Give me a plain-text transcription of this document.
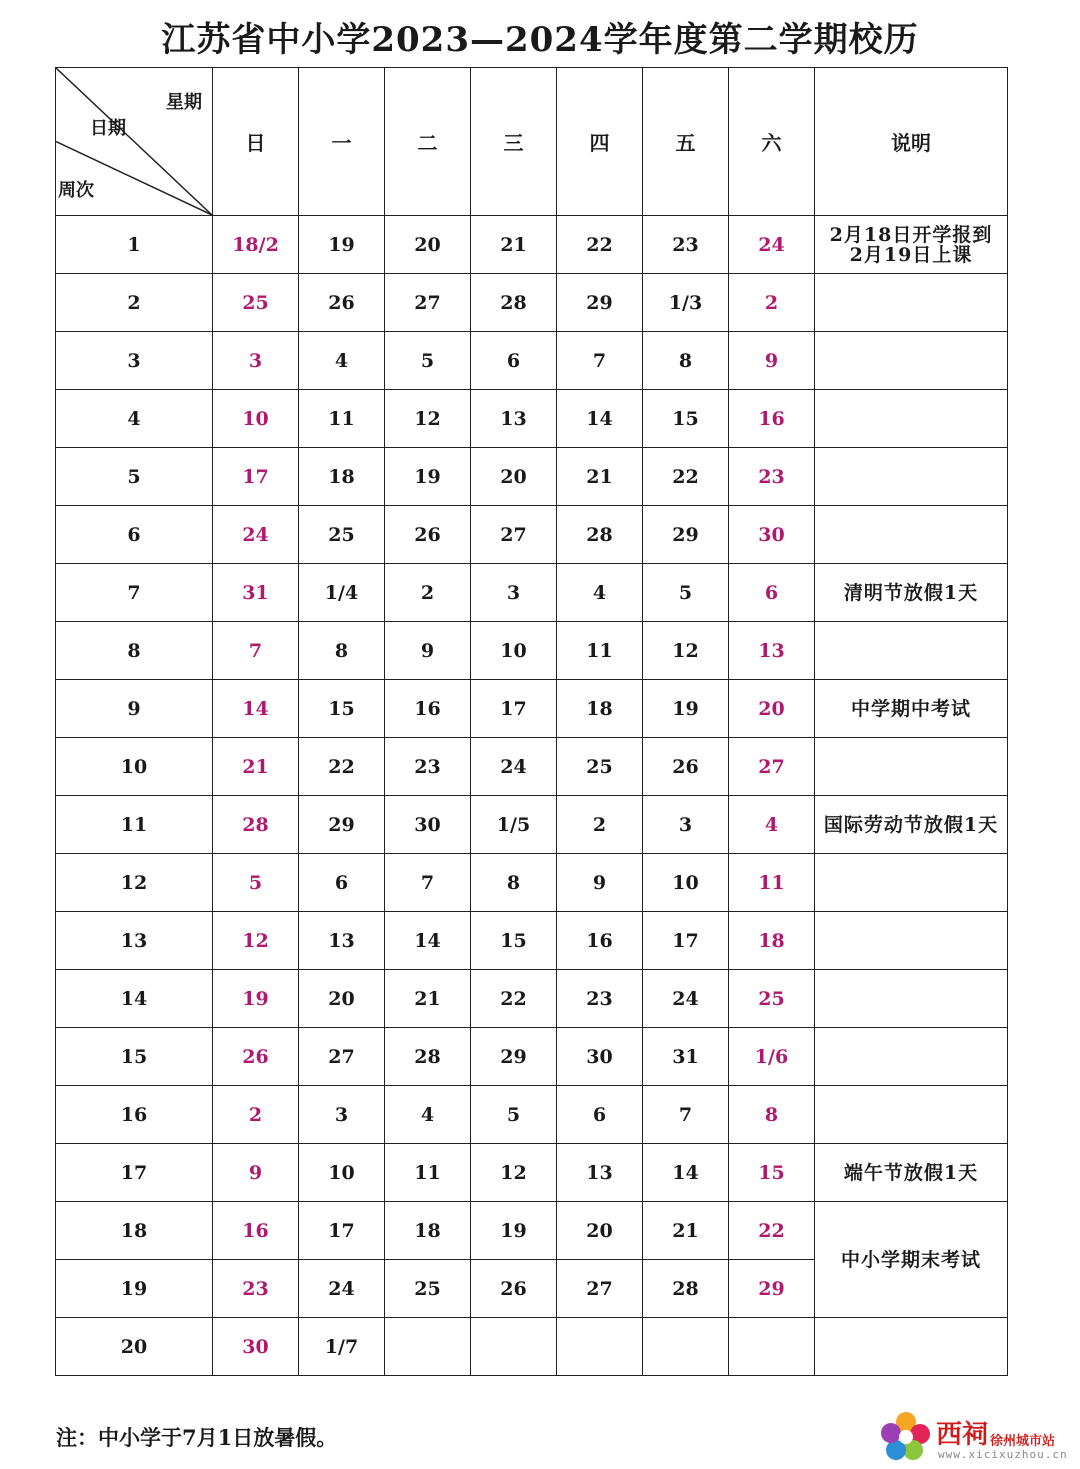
江苏省中小学2023—2024学年度第二学期校历
星期
日期
周次	日	一	二	三	四	五	六	说明
1	18/2	19	20	21	22	23	24	2月18日开学报到
2月19日上课

2	25	26	27	28	29	1/3	2	
3	3	4	5	6	7	8	9	
4	10	11	12	13	14	15	16	
5	17	18	19	20	21	22	23	
6	24	25	26	27	28	29	30	
7	31	1/4	2	3	4	5	6	清明节放假1天
8	7	8	9	10	11	12	13	
9	14	15	16	17	18	19	20	中学期中考试
10	21	22	23	24	25	26	27	
11	28	29	30	1/5	2	3	4	国际劳动节放假1天
12	5	6	7	8	9	10	11	
13	12	13	14	15	16	17	18	
14	19	20	21	22	23	24	25	
15	26	27	28	29	30	31	1/6	
16	2	3	4	5	6	7	8	
17	9	10	11	12	13	14	15	端午节放假1天
18	16	17	18	19	20	21	22	中小学期末考试
19	23	24	25	26	27	28	29	
20	30	1/7						
注：中小学于7月1日放暑假。	西祠 徐州城市站
www.xicixuzhou.cn
